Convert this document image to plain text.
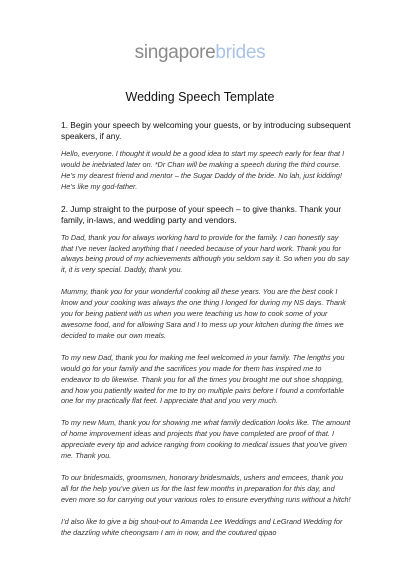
singaporebrides
Wedding Speech Template
1. Begin your speech by welcoming your guests, or by introducing subsequent speakers, if any.
Hello, everyone. I thought it would be a good idea to start my speech early for fear that I would be inebriated later on. *Dr Chan will be making a speech during the third course. He’s my dearest friend and mentor – the Sugar Daddy of the bride. No lah, just kidding! He’s like my god-father.
2. Jump straight to the purpose of your speech – to give thanks. Thank your family, in-laws, and wedding party and vendors.
To Dad, thank you for always working hard to provide for the family. I can honestly say that I’ve never lacked anything that I needed because of your hard work. Thank you for always being proud of my achievements although you seldom say it. So when you do say it, it is very special. Daddy, thank you.
Mummy, thank you for your wonderful cooking all these years. You are the best cook I know and your cooking was always the one thing I longed for during my NS days. Thank you for being patient with us when you were teaching us how to cook some of your awesome food, and for allowing Sara and I to mess up your kitchen during the times we decided to make our own meals.
To my new Dad, thank you for making me feel welcomed in your family. The lengths you would go for your family and the sacrifices you made for them has inspired me to endeavor to do likewise. Thank you for all the times you brought me out shoe shopping, and how you patiently waited for me to try on multiple pairs before I found a comfortable one for my practically flat feet. I appreciate that and you very much.
To my new Mum, thank you for showing me what family dedication looks like. The amount of home improvement ideas and projects that you have completed are proof of that. I appreciate every tip and advice ranging from cooking to medical issues that you’ve given me. Thank you.
To our bridesmaids, groomsmen, honorary bridesmaids, ushers and emcees, thank you all for the help you’ve given us for the last few months in preparation for this day, and even more so for carrying out your various roles to ensure everything runs without a hitch!
I’d also like to give a big shout-out to Amanda Lee Weddings and LeGrand Wedding for the dazzling white cheongsam I am in now, and the coutured qipao
